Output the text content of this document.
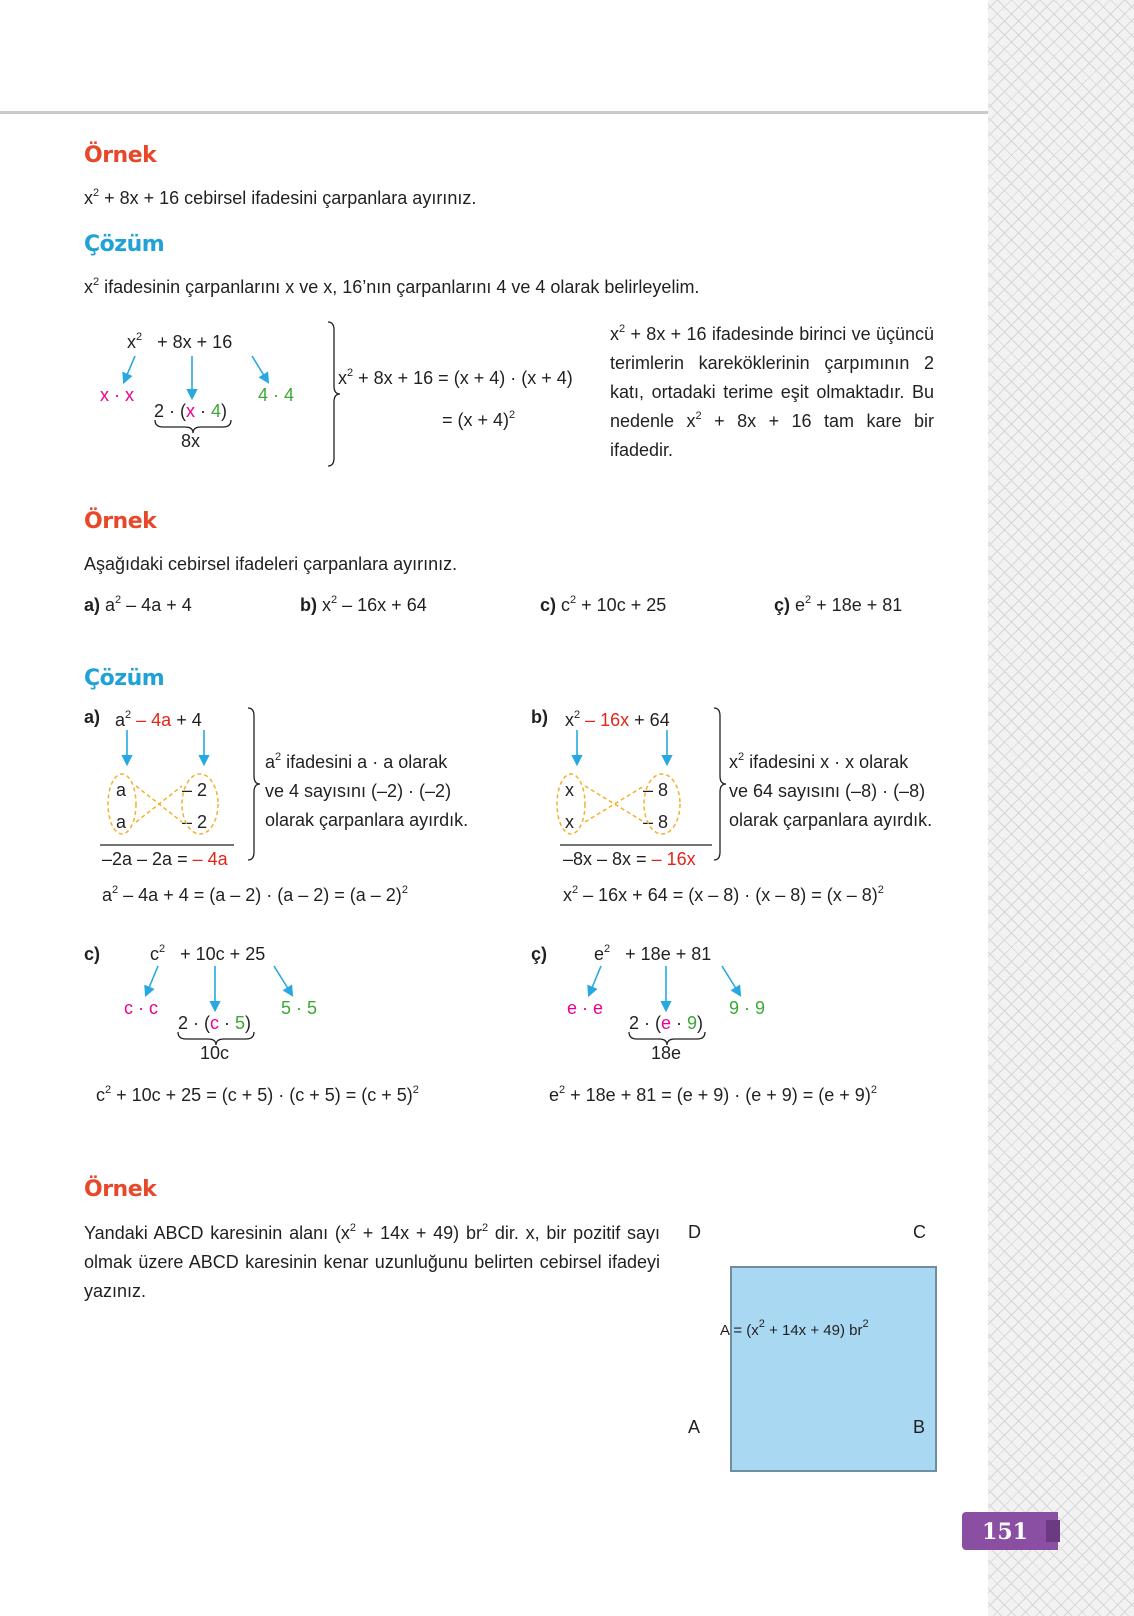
Örnek
$x^2 + 8x + 16$ cebirsel ifadesini çarpanlara ayırınız.
Çözüm
$x^2$ ifadesinin çarpanlarını x ve x, 16’nın çarpanlarını 4 ve 4 olarak belirleyelim.
$x^2 + 8x + 16$
x · x
2 · (x · 4)
4 · 4
8x
$x^2 + 8x + 16 = (x + 4) \cdot (x + 4)$
= $(x + 4)^2$
$x^2 + 8x + 16$ ifadesinde birinci ve üçüncü terimlerin kareköklerinin çarpımının 2 katı, ortadaki terime eşit olmaktadır. Bu nedenle $x^2 + 8x + 16$ tam kare bir ifadedir.
Örnek
Aşağıdaki cebirsel ifadeleri çarpanlara ayırınız.
a) $a^2 - 4a + 4$	b) $x^2 - 16x + 64$	c) $c^2 + 10c + 25$	ç) $e^2 + 18e + 81$
Çözüm
a) $a^2 - 4a + 4$
a	– 2
a	– 2
–2a – 2a = – 4a
$a^2$ ifadesini a · a olarak
ve 4 sayısını (–2) · (–2)
olarak çarpanlara ayırdık.
$a^2 - 4a + 4 = (a - 2) \cdot (a - 2) = (a - 2)^2$
b) $x^2 - 16x + 64$
x	– 8
x	– 8
–8x – 8x = – 16x
$x^2$ ifadesini x · x olarak
ve 64 sayısını (–8) · (–8)
olarak çarpanlara ayırdık.
$x^2 - 16x + 64 = (x - 8) \cdot (x - 8) = (x - 8)^2$
c)	$c^2 + 10c + 25$
c · c
2 · (c · 5)
5 · 5
10c
$c^2 + 10c + 25 = (c + 5) \cdot (c + 5) = (c + 5)^2$
ç)	$e^2 + 18e + 81$
e · e
2 · (e · 9)
9 · 9
18e
$e^2 + 18e + 81 = (e + 9) \cdot (e + 9) = (e + 9)^2$
Örnek
Yandaki ABCD karesinin alanı $(x^2 + 14x + 49)$ $br^2$ dir. x, bir pozitif sayı olmak üzere ABCD karesinin kenar uzunluğunu belirten cebirsel ifadeyi yazınız.
D	C
A	B
$A = (x^2 + 14x + 49)$ $br^2$
151
